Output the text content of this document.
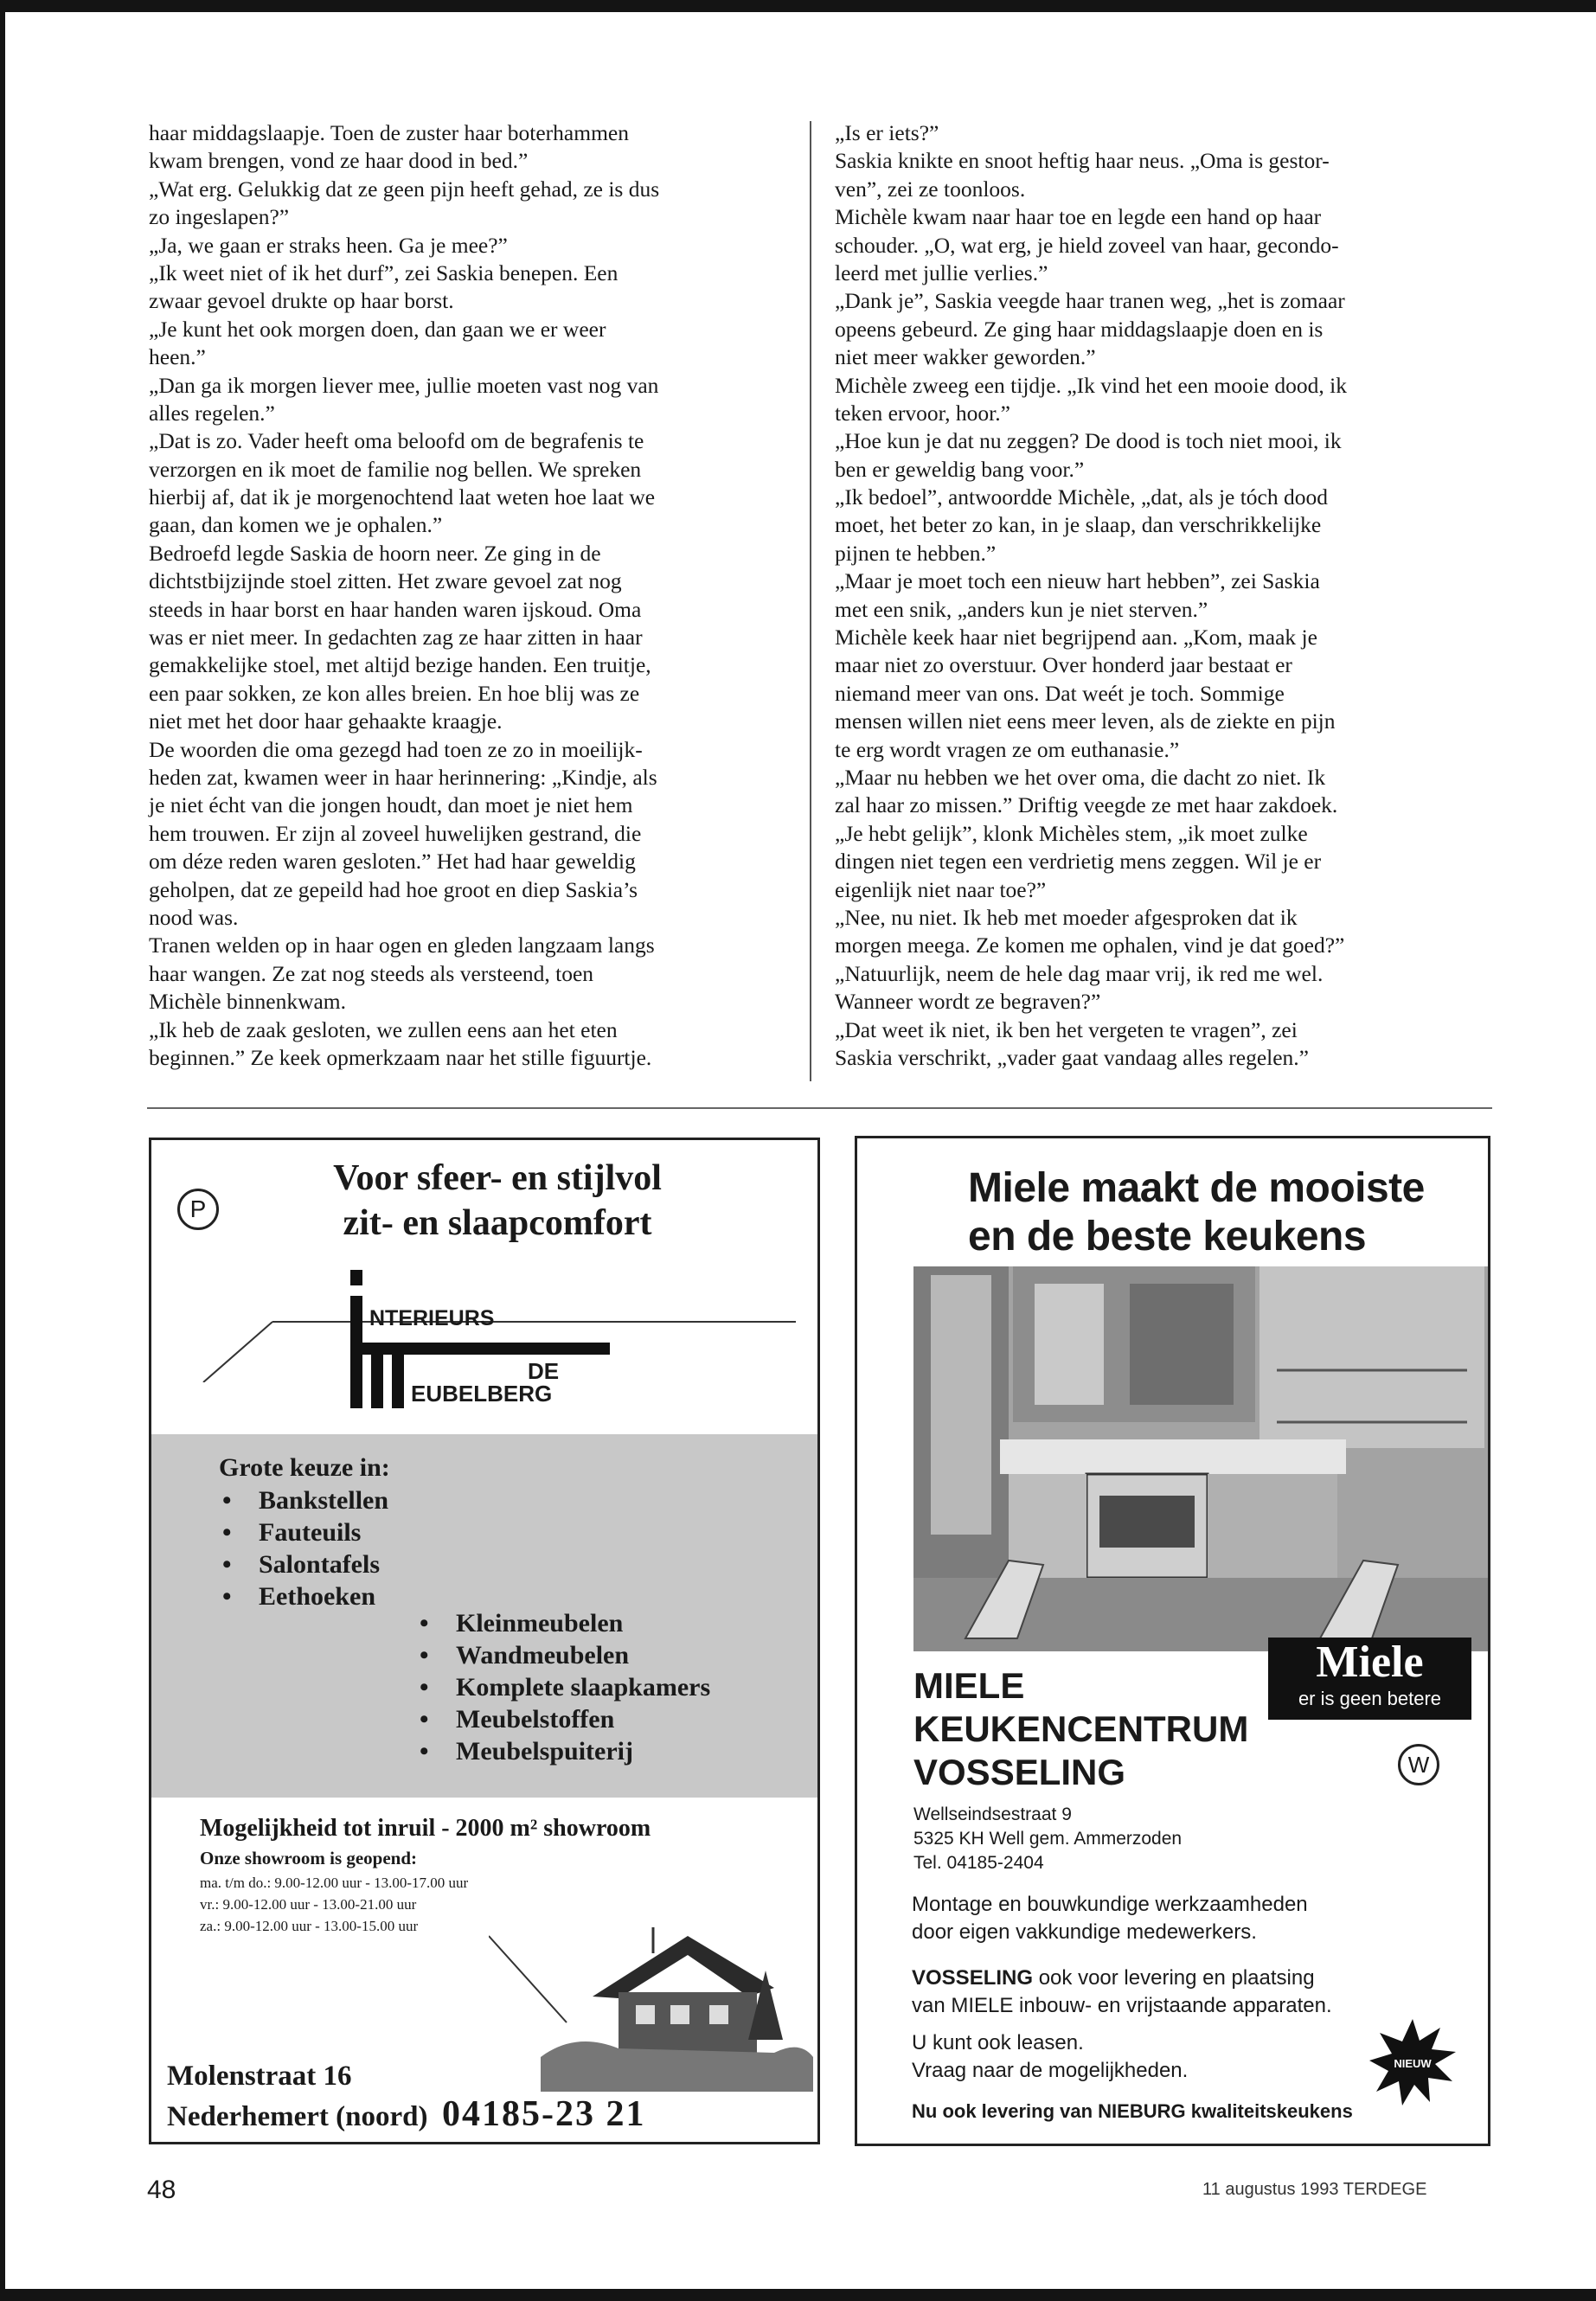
haar middagslaapje. Toen de zuster haar boterhammen
kwam brengen, vond ze haar dood in bed.”
„Wat erg. Gelukkig dat ze geen pijn heeft gehad, ze is dus
zo ingeslapen?”
„Ja, we gaan er straks heen. Ga je mee?”
„Ik weet niet of ik het durf”, zei Saskia benepen. Een
zwaar gevoel drukte op haar borst.
„Je kunt het ook morgen doen, dan gaan we er weer
heen.”
„Dan ga ik morgen liever mee, jullie moeten vast nog van
alles regelen.”
„Dat is zo. Vader heeft oma beloofd om de begrafenis te
verzorgen en ik moet de familie nog bellen. We spreken
hierbij af, dat ik je morgenochtend laat weten hoe laat we
gaan, dan komen we je ophalen.”
Bedroefd legde Saskia de hoorn neer. Ze ging in de
dichtstbijzijnde stoel zitten. Het zware gevoel zat nog
steeds in haar borst en haar handen waren ijskoud. Oma
was er niet meer. In gedachten zag ze haar zitten in haar
gemakkelijke stoel, met altijd bezige handen. Een truitje,
een paar sokken, ze kon alles breien. En hoe blij was ze
niet met het door haar gehaakte kraagje.
De woorden die oma gezegd had toen ze zo in moeilijk-
heden zat, kwamen weer in haar herinnering: „Kindje, als
je niet écht van die jongen houdt, dan moet je niet hem
hem trouwen. Er zijn al zoveel huwelijken gestrand, die
om déze reden waren gesloten.” Het had haar geweldig
geholpen, dat ze gepeild had hoe groot en diep Saskia’s
nood was.
Tranen welden op in haar ogen en gleden langzaam langs
haar wangen. Ze zat nog steeds als versteend, toen
Michèle binnenkwam.
„Ik heb de zaak gesloten, we zullen eens aan het eten
beginnen.” Ze keek opmerkzaam naar het stille figuurtje.
„Is er iets?”
Saskia knikte en snoot heftig haar neus. „Oma is gestor-
ven”, zei ze toonloos.
Michèle kwam naar haar toe en legde een hand op haar
schouder. „O, wat erg, je hield zoveel van haar, gecondo-
leerd met jullie verlies.”
„Dank je”, Saskia veegde haar tranen weg, „het is zomaar
opeens gebeurd. Ze ging haar middagslaapje doen en is
niet meer wakker geworden.”
Michèle zweeg een tijdje. „Ik vind het een mooie dood, ik
teken ervoor, hoor.”
„Hoe kun je dat nu zeggen? De dood is toch niet mooi, ik
ben er geweldig bang voor.”
„Ik bedoel”, antwoordde Michèle, „dat, als je tóch dood
moet, het beter zo kan, in je slaap, dan verschrikkelijke
pijnen te hebben.”
„Maar je moet toch een nieuw hart hebben”, zei Saskia
met een snik, „anders kun je niet sterven.”
Michèle keek haar niet begrijpend aan. „Kom, maak je
maar niet zo overstuur. Over honderd jaar bestaat er
niemand meer van ons. Dat weét je toch. Sommige
mensen willen niet eens meer leven, als de ziekte en pijn
te erg wordt vragen ze om euthanasie.”
„Maar nu hebben we het over oma, die dacht zo niet. Ik
zal haar zo missen.” Driftig veegde ze met haar zakdoek.
„Je hebt gelijk”, klonk Michèles stem, „ik moet zulke
dingen niet tegen een verdrietig mens zeggen. Wil je er
eigenlijk niet naar toe?”
„Nee, nu niet. Ik heb met moeder afgesproken dat ik
morgen meega. Ze komen me ophalen, vind je dat goed?”
„Natuurlijk, neem de hele dag maar vrij, ik red me wel.
Wanneer wordt ze begraven?”
„Dat weet ik niet, ik ben het vergeten te vragen”, zei
Saskia verschrikt, „vader gaat vandaag alles regelen.”
P
Voor sfeer- en stijlvol
zit- en slaapcomfort
NTERIEURS
DE
EUBELBERG
Grote keuze in:
• Bankstellen
• Fauteuils
• Salontafels
• Eethoeken
• Kleinmeubelen
• Wandmeubelen
• Komplete slaapkamers
• Meubelstoffen
• Meubelspuiterij
Mogelijkheid tot inruil - 2000 m² showroom
Onze showroom is geopend:
ma. t/m do.: 9.00-12.00 uur - 13.00-17.00 uur
vr.: 9.00-12.00 uur - 13.00-21.00 uur
za.: 9.00-12.00 uur - 13.00-15.00 uur
Molenstraat 16
Nederhemert (noord) 04185-23 21
Miele maakt de mooiste
en de beste keukens
Miele
er is geen betere
MIELE
KEUKENCENTRUM
VOSSELING	W
Wellseindsestraat 9
5325 KH Well gem. Ammerzoden
Tel. 04185-2404
Montage en bouwkundige werkzaamheden
door eigen vakkundige medewerkers.
VOSSELING ook voor levering en plaatsing
van MIELE inbouw- en vrijstaande apparaten.
U kunt ook leasen.
Vraag naar de mogelijkheden.	NIEUW
Nu ook levering van NIEBURG kwaliteitskeukens
48	11 augustus 1993 TERDEGE
